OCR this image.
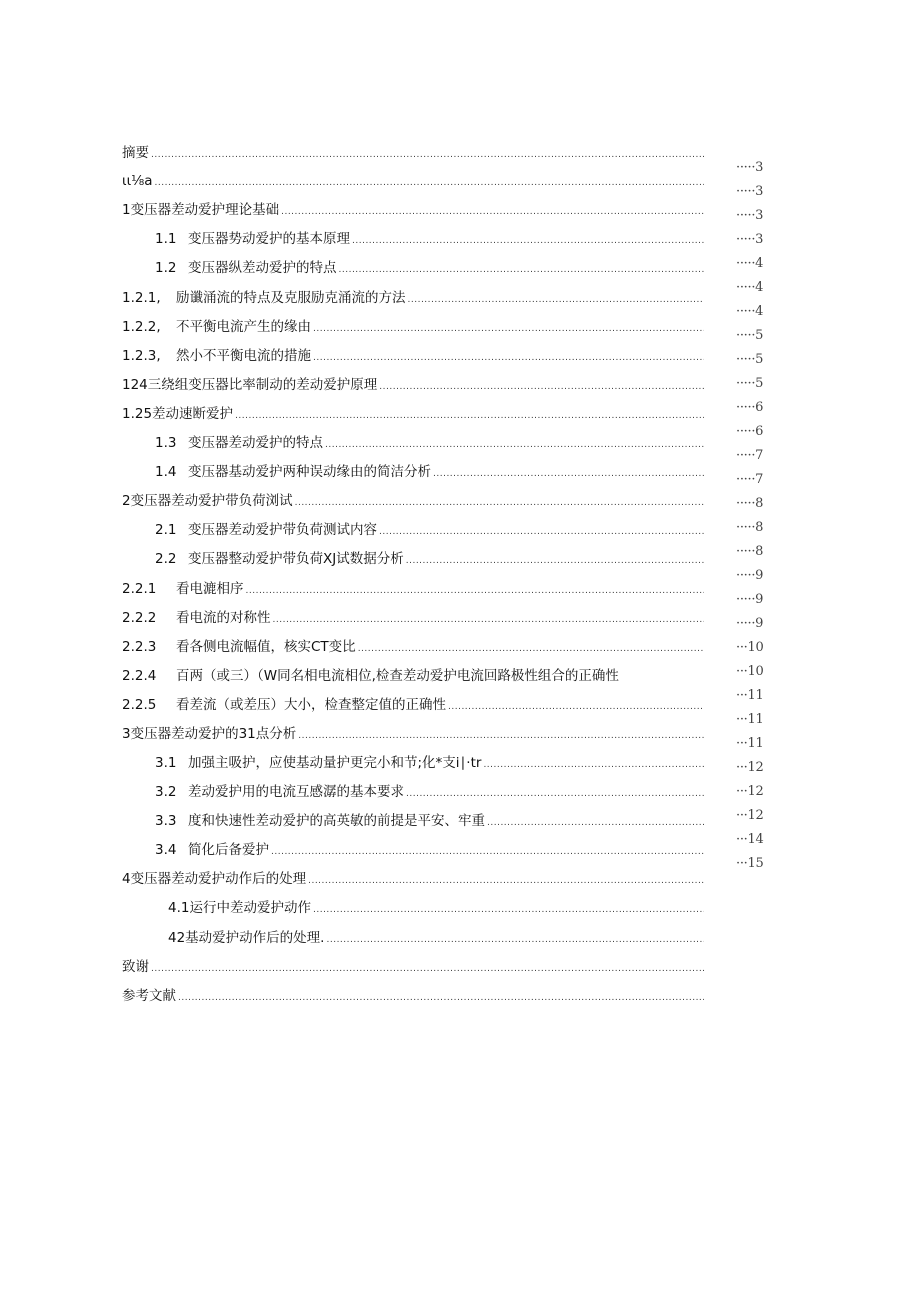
摘要
.....
ιι⅛a
.....
1变压器差动爱护理论基础
.....
1.1 变压器势动爱护的基本原理
.....
1.2 变压器纵差动爱护的特点
.....
1.2.1, 励谶涌流的特点及克服励克涌流的方法
.....
1.2.2, 不平衡电流产生的缘由
.....
1.2.3, 然小不平衡电流的措施
.....
124三绕组变压器比率制动的差动爱护原理
.....
1.25差动速断爱护
.....
1.3 变压器差动爱护的特点
.....
1.4 变压器基动爱护两种误动缘由的简洁分析
.....
2变压器差动爱护带负荷浏试
.....
2.1 变压器差动爱护带负荷测试内容
.....
2.2 变压器整动爱护带负荷XJ试数据分析
.....
2.2.1 看电漉相序
.....
2.2.2 看电流的对称性
.....
2.2.3 看各侧电流幅值，核实CT变比
.....
2.2.4 百两（或三）（W同名相电流相位,检查差动爱护电流回路极性组合的正确性
2.2.5 看差流（或差压）大小，检查整定值的正确性
.....
3变压器差动爱护的31点分析
.....
3.1 加强主吸护，应使基动量护更完小和节;化*支i∣·tr
.....
3.2 差动爱护用的电流互感潺的基本要求
.....
3.3 度和快速性差动爱护的高英敏的前提是平安、牢重
.....
3.4 简化后备爱护
.....
4变压器差动爱护动作后的处理
.....
4.1运行中差动爱护动作
.....
42基动爱护动作后的处理.
.....
致谢
.....
参考文献
.....
·····3
·····3
·····3
·····3
·····4
·····4
·····4
·····5
·····5
·····5
·····6
·····6
·····7
·····7
·····8
·····8
·····8
·····9
·····9
·····9
···10
···10
···11
···11
···11
···12
···12
···12
···14
···15
